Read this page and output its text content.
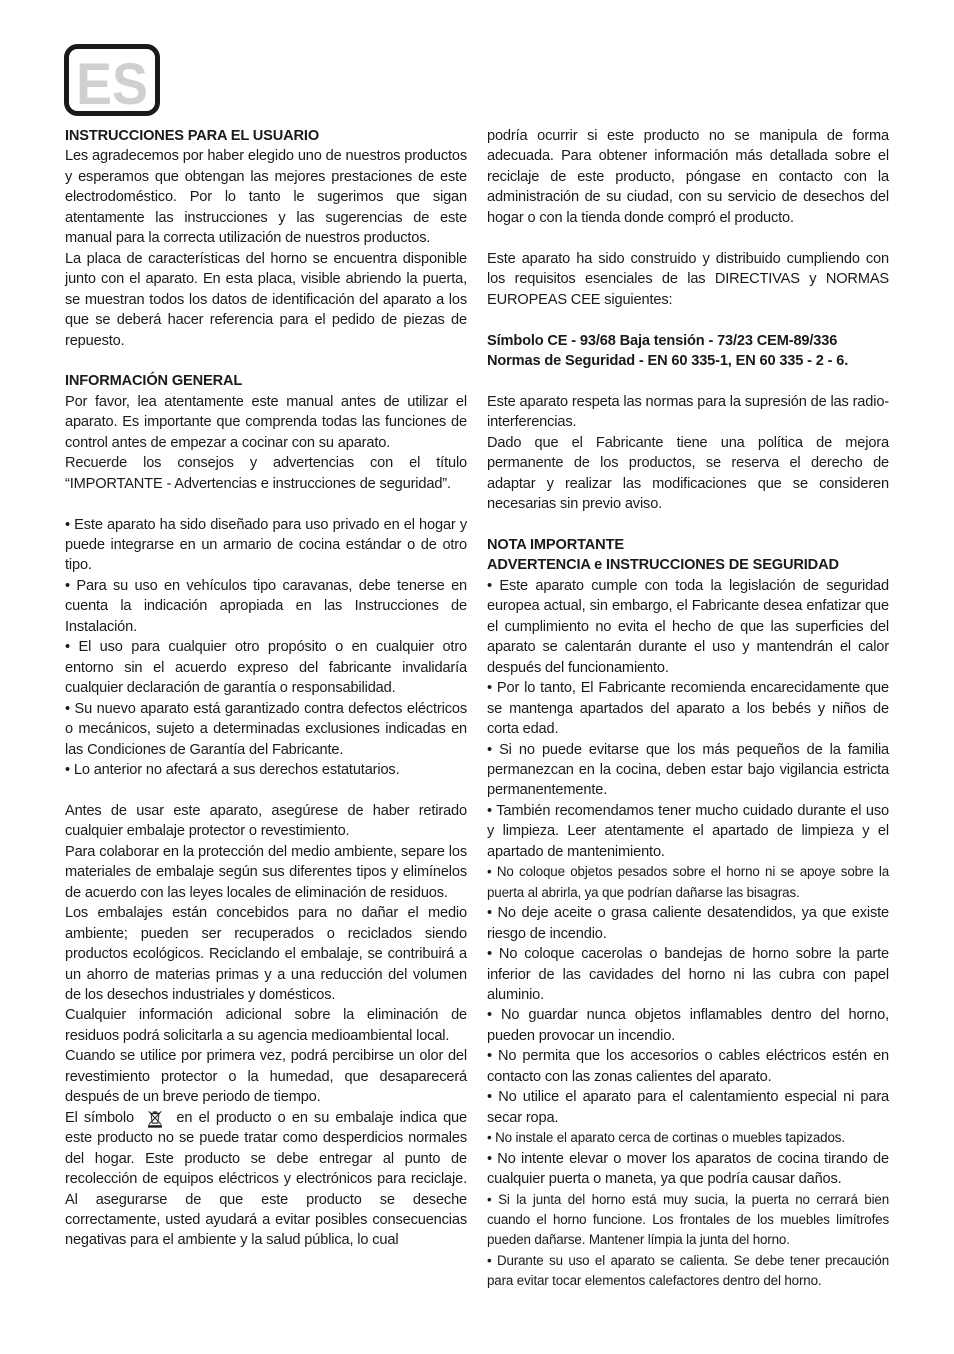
ES

INSTRUCCIONES PARA EL USUARIO

Les agradecemos por haber elegido uno de nuestros productos y esperamos que obtengan las mejores prestaciones de este electrodoméstico. Por lo tanto le sugerimos que sigan atentamente las instrucciones y las sugerencias de este manual para la correcta utilización de nuestros productos.

La placa de características del horno se encuentra disponible junto con el aparato. En esta placa, visible abriendo la puerta, se muestran todos los datos de identificación del aparato a los que se deberá hacer referencia para el pedido de piezas de repuesto.

INFORMACIÓN GENERAL

Por favor, lea atentamente este manual antes de utilizar el aparato. Es importante que comprenda todas las funciones de control antes de empezar a cocinar con su aparato.

Recuerde los consejos y advertencias con el título “IMPORTANTE - Advertencias e instrucciones de seguridad”.

• Este aparato ha sido diseñado para uso privado en el hogar y puede integrarse en un armario de cocina estándar o de otro tipo.

• Para su uso en vehículos tipo caravanas, debe tenerse en cuenta la indicación apropiada en las Instrucciones de Instalación.

• El uso para cualquier otro propósito o en cualquier otro entorno sin el acuerdo expreso del fabricante invalidaría cualquier declaración de garantía o responsabilidad.

• Su nuevo aparato está garantizado contra defectos eléctricos o mecánicos, sujeto a determinadas exclusiones indicadas en las Condiciones de Garantía del Fabricante.

• Lo anterior no afectará a sus derechos estatutarios.

Antes de usar este aparato, asegúrese de haber retirado cualquier embalaje protector o revestimiento.

Para colaborar en la protección del medio ambiente, separe los materiales de embalaje según sus diferentes tipos y elimínelos de acuerdo con las leyes locales de eliminación de residuos.

Los embalajes están concebidos para no dañar el medio ambiente; pueden ser recuperados o reciclados siendo productos ecológicos. Reciclando el embalaje, se contribuirá a un ahorro de materias primas y a una reducción del volumen de los desechos industriales y domésticos.

Cualquier información adicional sobre la eliminación de residuos podrá solicitarla a su agencia medioambiental local.

Cuando se utilice por primera vez, podrá percibirse un olor del revestimiento protector o la humedad, que desaparecerá después de un breve periodo de tiempo.

El símbolo	en el producto o en su embalaje indica que este producto no se puede tratar como desperdicios normales del hogar. Este producto se debe entregar al punto de recolección de equipos eléctricos y electrónicos para reciclaje. Al asegurarse de que este producto se deseche correctamente, usted ayudará a evitar posibles consecuencias negativas para el ambiente y la salud pública, lo cual

podría ocurrir si este producto no se manipula de forma adecuada. Para obtener información más detallada sobre el reciclaje de este producto, póngase en contacto con la administración de su ciudad, con su servicio de desechos del hogar o con la tienda donde compró el producto.

Este aparato ha sido construido y distribuido cumpliendo con los requisitos esenciales de las DIRECTIVAS y NORMAS EUROPEAS CEE siguientes:

Símbolo CE - 93/68 Baja tensión - 73/23 CEM-89/336

Normas de Seguridad - EN 60 335-1, EN 60 335 - 2 - 6.

Este aparato respeta las normas para la supresión de las radio-interferencias.

Dado que el Fabricante tiene una política de mejora permanente de los productos, se reserva el derecho de adaptar y realizar las modificaciones que se consideren necesarias sin previo aviso.

NOTA IMPORTANTE

ADVERTENCIA e INSTRUCCIONES DE SEGURIDAD

• Este aparato cumple con toda la legislación de seguridad europea actual, sin embargo, el Fabricante desea enfatizar que el cumplimiento no evita el hecho de que las superficies del aparato se calentarán durante el uso y mantendrán el calor después del funcionamiento.

• Por lo tanto, El Fabricante recomienda encarecidamente que se mantenga apartados del aparato a los bebés y niños de corta edad.

• Si no puede evitarse que los más pequeños de la familia permanezcan en la cocina, deben estar bajo vigilancia estricta permanentemente.

• También recomendamos tener mucho cuidado durante el uso y limpieza. Leer atentamente el apartado de limpieza y el apartado de mantenimiento.

• No coloque objetos pesados sobre el horno ni se apoye sobre la puerta al abrirla, ya que podrían dañarse las bisagras.

• No deje aceite o grasa caliente desatendidos, ya que existe riesgo de incendio.

• No coloque cacerolas o bandejas de horno sobre la parte inferior de las cavidades del horno ni las cubra con papel aluminio.

• No guardar nunca objetos inflamables dentro del horno, pueden provocar un incendio.

• No permita que los accesorios o cables eléctricos estén en contacto con las zonas calientes del aparato.

• No utilice el aparato para el calentamiento especial ni para secar ropa.

• No instale el aparato cerca de cortinas o muebles tapizados.

• No intente elevar o mover los aparatos de cocina tirando de cualquier puerta o maneta, ya que podría causar daños.

• Si la junta del horno está muy sucia, la puerta no cerrará bien cuando el horno funcione. Los frontales de los muebles limítrofes pueden dañarse. Mantener límpia la junta del horno.

• Durante su uso el aparato se calienta. Se debe tener precaución para evitar tocar elementos calefactores dentro del horno.
